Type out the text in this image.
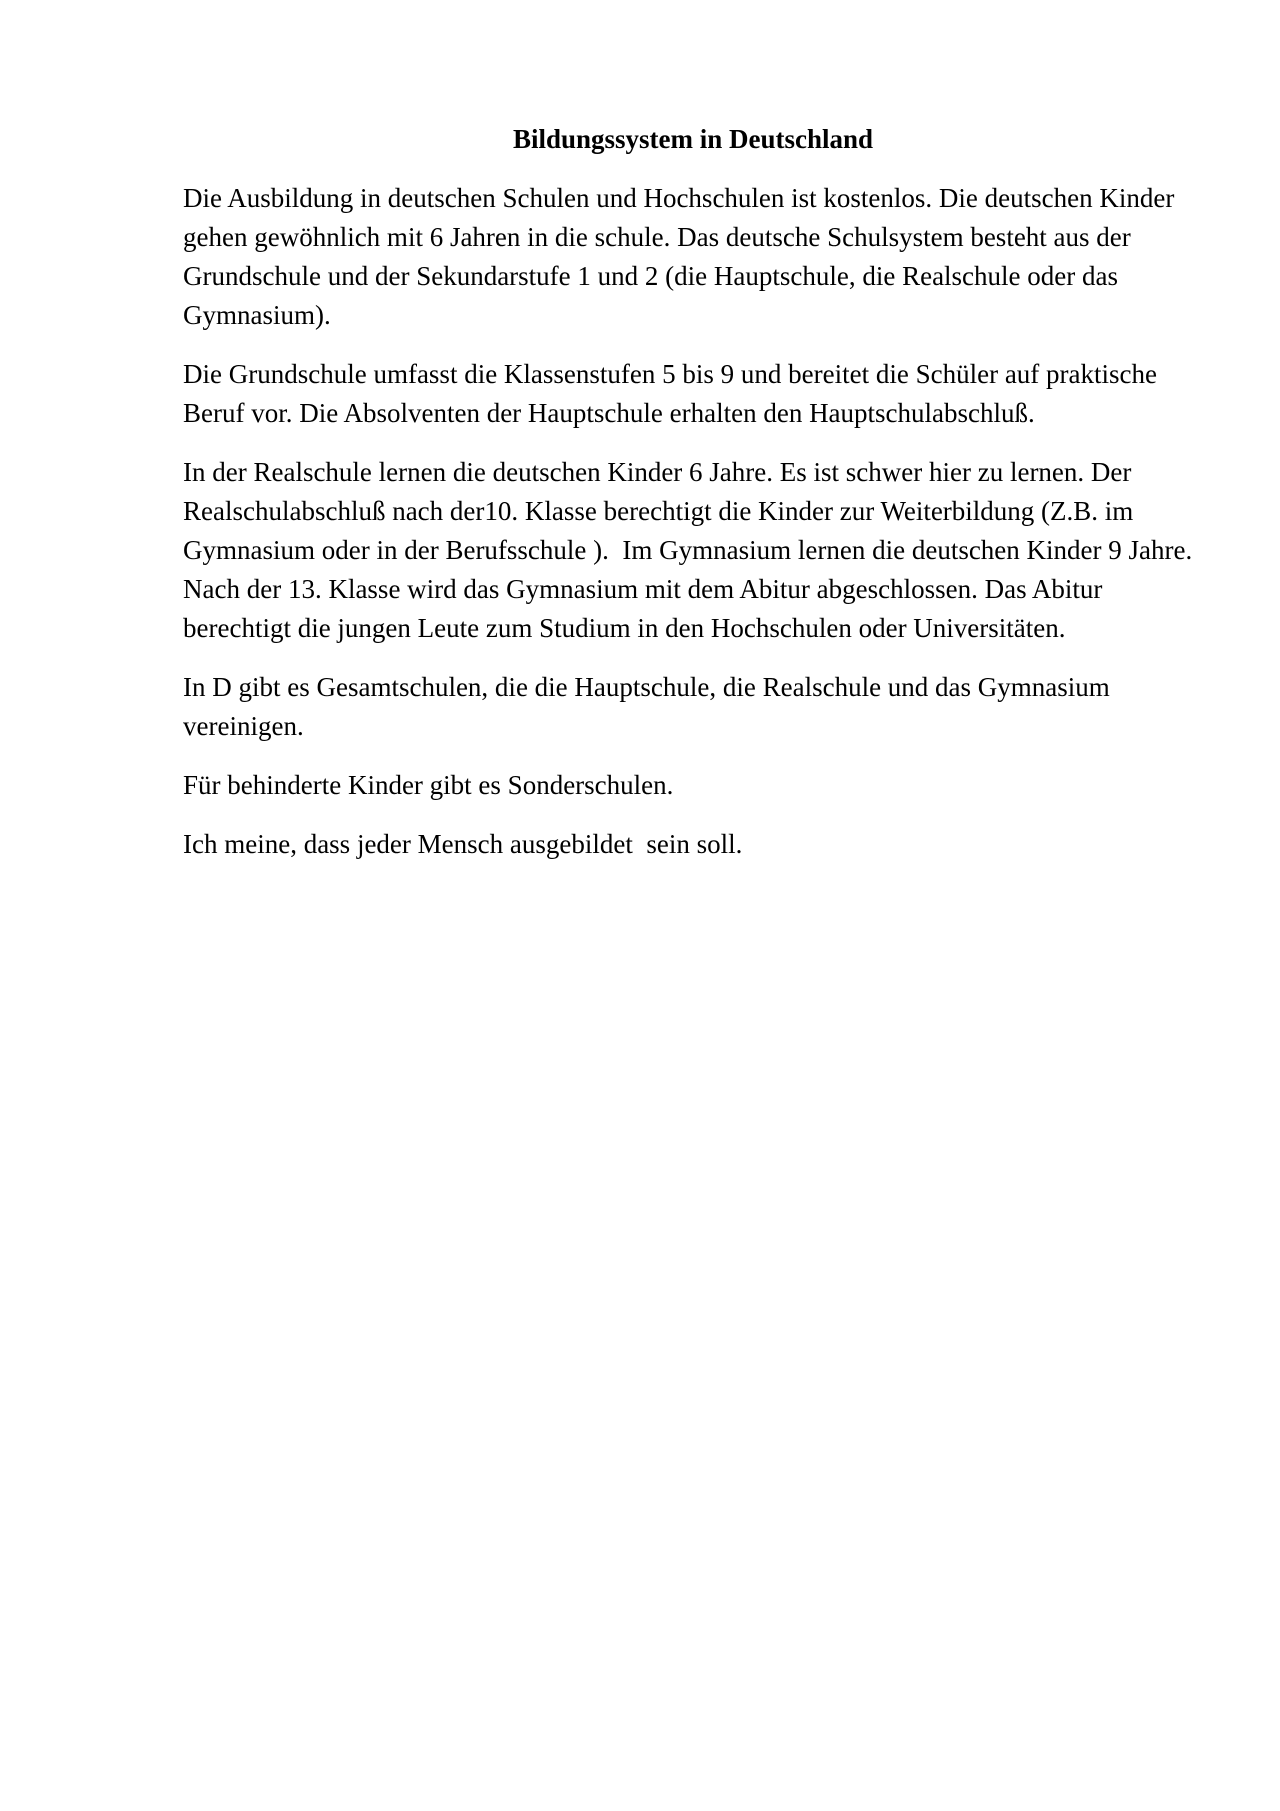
Bildungssystem in Deutschland

Die Ausbildung in deutschen Schulen und Hochschulen ist kostenlos. Die deutschen Kinder gehen gewöhnlich mit 6 Jahren in die schule. Das deutsche Schulsystem besteht aus der Grundschule und der Sekundarstufe 1 und 2 (die Hauptschule, die Realschule oder das Gymnasium).

Die Grundschule umfasst die Klassenstufen 5 bis 9 und bereitet die Schüler auf praktische Beruf vor. Die Absolventen der Hauptschule erhalten den Hauptschulabschluß.

In der Realschule lernen die deutschen Kinder 6 Jahre. Es ist schwer hier zu lernen. Der Realschulabschluß nach der10. Klasse berechtigt die Kinder zur Weiterbildung (Z.B. im Gymnasium oder in der Berufsschule ).  Im Gymnasium lernen die deutschen Kinder 9 Jahre. Nach der 13. Klasse wird das Gymnasium mit dem Abitur abgeschlossen. Das Abitur berechtigt die jungen Leute zum Studium in den Hochschulen oder Universitäten.

In D gibt es Gesamtschulen, die die Hauptschule, die Realschule und das Gymnasium vereinigen.

Für behinderte Kinder gibt es Sonderschulen.

Ich meine, dass jeder Mensch ausgebildet  sein soll.
